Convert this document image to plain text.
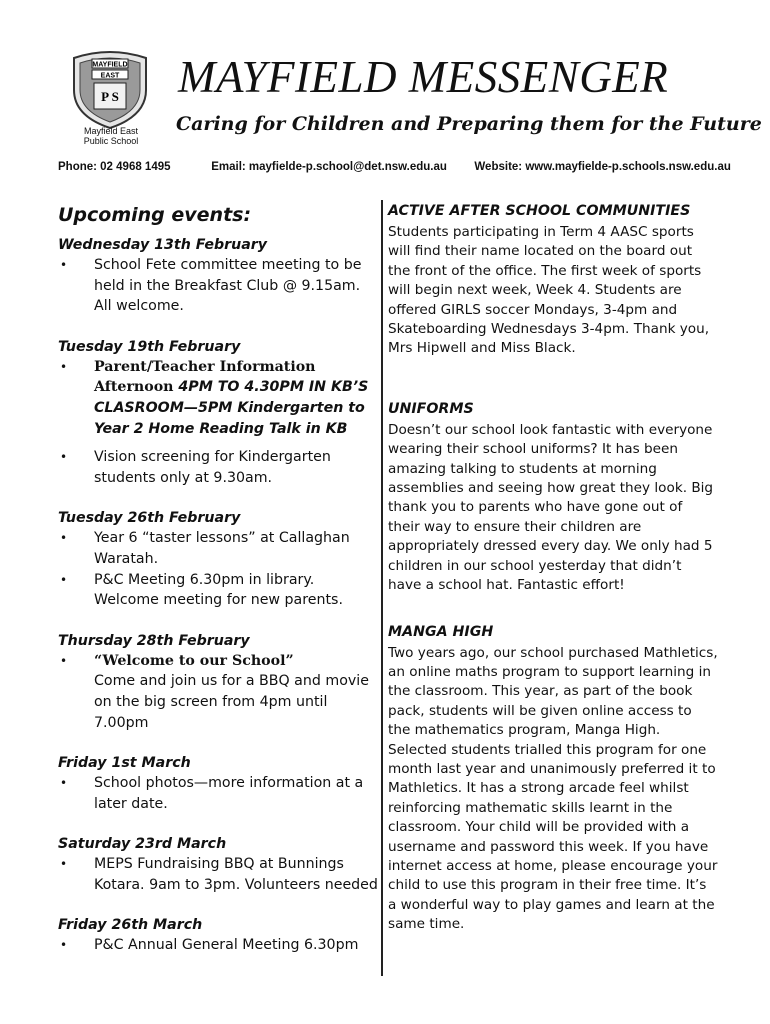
MAYFIELD
EAST
P S
Mayfield East
Public School
MAYFIELD MESSENGER
Caring for Children and Preparing them for the Future
Phone: 02 4968 1495	Email: mayfielde-p.school@det.nsw.edu.au Website: www.mayfielde-p.schools.nsw.edu.au
Upcoming events:
Wednesday 13th February
• School Fete committee meeting to be held in the Breakfast Club @ 9.15am. All welcome.
Tuesday 19th February
• Parent/Teacher Information Afternoon 4PM TO 4.30PM IN KB’S CLASROOM—5PM Kindergarten to Year 2 Home Reading Talk in KB
• Vision screening for Kindergarten students only at 9.30am.
Tuesday 26th February
• Year 6 “taster lessons” at Callaghan Waratah.
• P&C Meeting 6.30pm in library. Welcome meeting for new parents.
Thursday 28th February
• “Welcome to our School”
Come and join us for a BBQ and movie on the big screen from 4pm until 7.00pm
Friday 1st March
• School photos—more information at a later date.
Saturday 23rd March
• MEPS Fundraising BBQ at Bunnings Kotara. 9am to 3pm. Volunteers needed
Friday 26th March
• P&C Annual General Meeting 6.30pm
ACTIVE AFTER SCHOOL COMMUNITIES

Students participating in Term 4 AASC sports will find their name located on the board out the front of the office. The first week of sports will begin next week, Week 4. Students are offered GIRLS soccer Mondays, 3-4pm and Skateboarding Wednesdays 3-4pm. Thank you, Mrs Hipwell and Miss Black.

UNIFORMS

Doesn’t our school look fantastic with everyone wearing their school uniforms? It has been amazing talking to students at morning assemblies and seeing how great they look. Big thank you to parents who have gone out of their way to ensure their children are appropriately dressed every day. We only had 5 children in our school yesterday that didn’t have a school hat. Fantastic effort!

MANGA HIGH

Two years ago, our school purchased Mathletics, an online maths program to support learning in the classroom. This year, as part of the book pack, students will be given online access to the mathematics program, Manga High. Selected students trialled this program for one month last year and unanimously preferred it to Mathletics. It has a strong arcade feel whilst reinforcing mathematic skills learnt in the classroom. Your child will be provided with a username and password this week. If you have internet access at home, please encourage your child to use this program in their free time. It’s a wonderful way to play games and learn at the same time.
